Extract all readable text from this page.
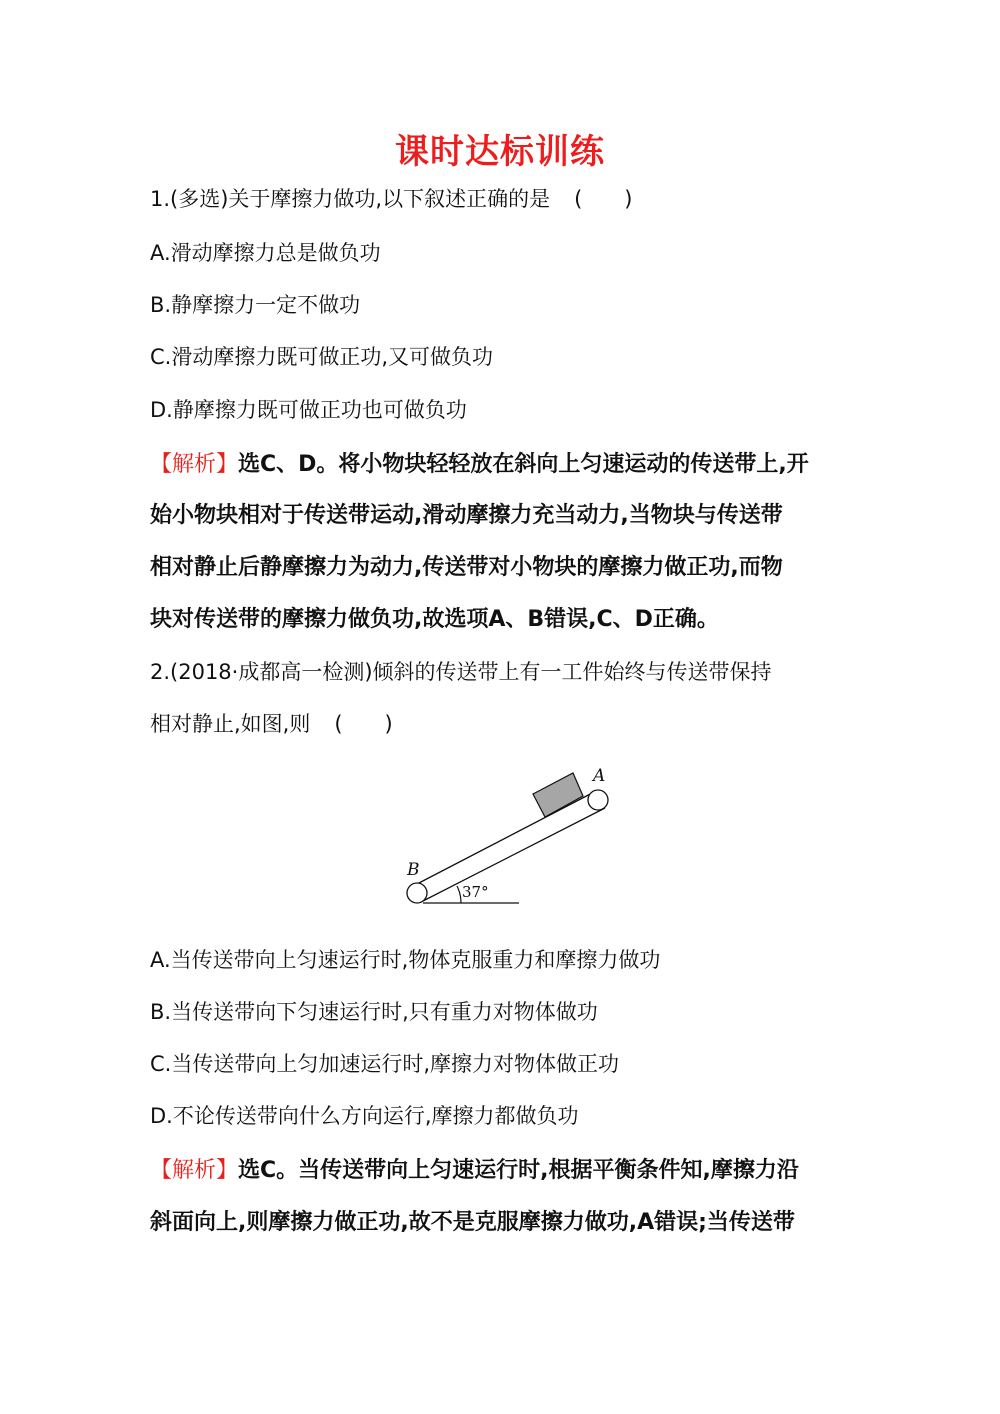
课时达标训练
1.(多选)关于摩擦力做功,以下叙述正确的是 (　　)
A.滑动摩擦力总是做负功
B.静摩擦力一定不做功
C.滑动摩擦力既可做正功,又可做负功
D.静摩擦力既可做正功也可做负功
【解析】选C、D。将小物块轻轻放在斜向上匀速运动的传送带上,开
始小物块相对于传送带运动,滑动摩擦力充当动力,当物块与传送带
相对静止后静摩擦力为动力,传送带对小物块的摩擦力做正功,而物
块对传送带的摩擦力做负功,故选项A、B错误,C、D正确。
2.(2018·成都高一检测)倾斜的传送带上有一工件始终与传送带保持
相对静止,如图,则 (　　)
A
B
37°
A.当传送带向上匀速运行时,物体克服重力和摩擦力做功
B.当传送带向下匀速运行时,只有重力对物体做功
C.当传送带向上匀加速运行时,摩擦力对物体做正功
D.不论传送带向什么方向运行,摩擦力都做负功
【解析】选C。当传送带向上匀速运行时,根据平衡条件知,摩擦力沿
斜面向上,则摩擦力做正功,故不是克服摩擦力做功,A错误;当传送带
